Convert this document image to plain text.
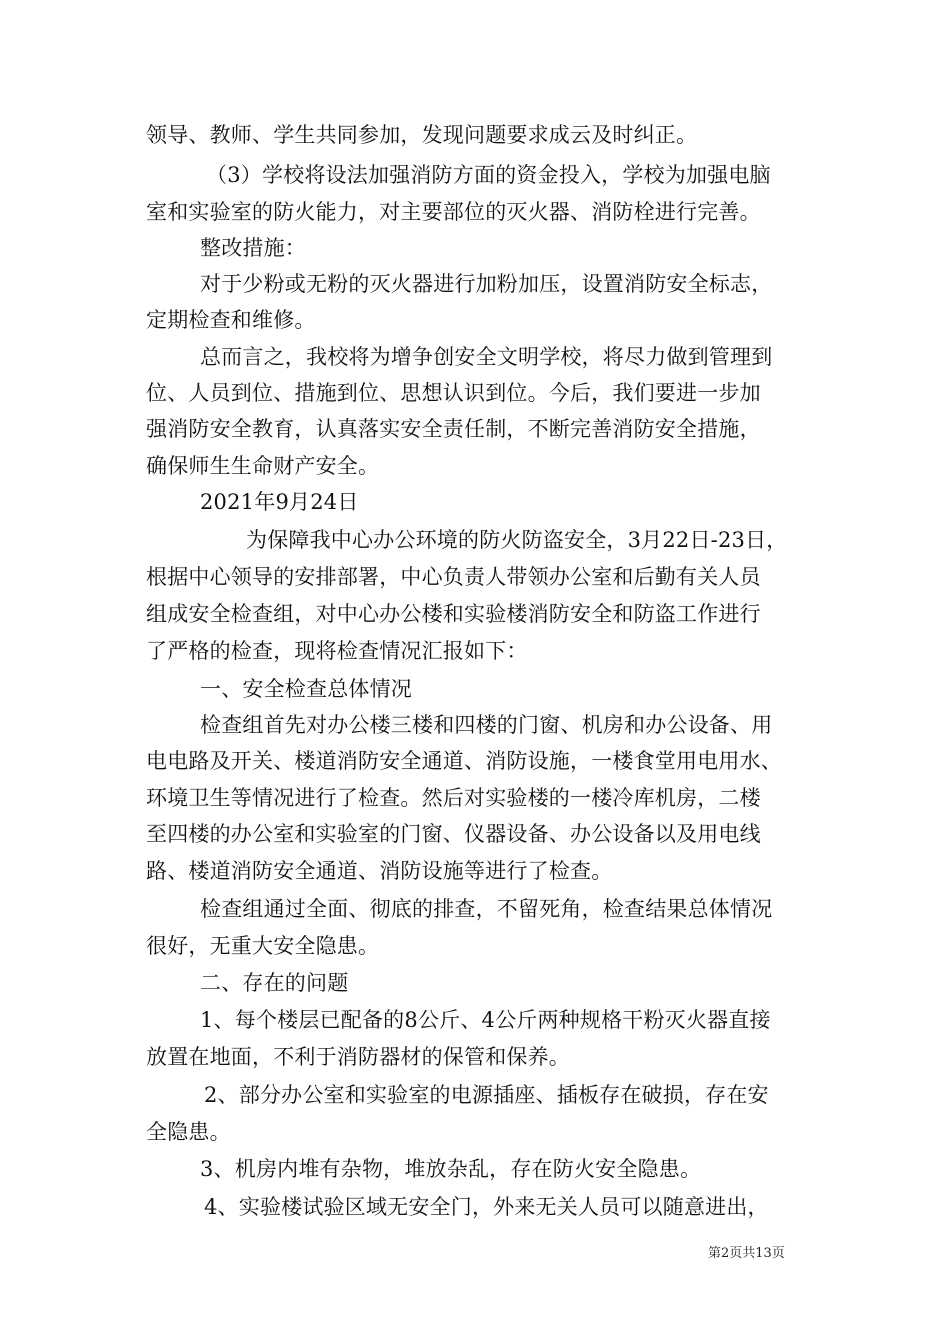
领导、教师、学生共同参加，发现问题要求成云及时纠正。
（3）学校将设法加强消防方面的资金投入，学校为加强电脑
室和实验室的防火能力，对主要部位的灭火器、消防栓进行完善。
整改措施：
对于少粉或无粉的灭火器进行加粉加压，设置消防安全标志，
定期检查和维修。
总而言之，我校将为增争创安全文明学校，将尽力做到管理到
位、人员到位、措施到位、思想认识到位。今后，我们要进一步加
强消防安全教育，认真落实安全责任制，不断完善消防安全措施，
确保师生生命财产安全。
2021年9月24日
为保障我中心办公环境的防火防盗安全，3月22日-23日，
根据中心领导的安排部署，中心负责人带领办公室和后勤有关人员
组成安全检查组，对中心办公楼和实验楼消防安全和防盗工作进行
了严格的检查，现将检查情况汇报如下：
一、安全检查总体情况
检查组首先对办公楼三楼和四楼的门窗、机房和办公设备、用
电电路及开关、楼道消防安全通道、消防设施，一楼食堂用电用水、
环境卫生等情况进行了检查。然后对实验楼的一楼冷库机房，二楼
至四楼的办公室和实验室的门窗、仪器设备、办公设备以及用电线
路、楼道消防安全通道、消防设施等进行了检查。
检查组通过全面、彻底的排查，不留死角，检查结果总体情况
很好，无重大安全隐患。
二、存在的问题
1、每个楼层已配备的8公斤、4公斤两种规格干粉灭火器直接
放置在地面，不利于消防器材的保管和保养。
2、部分办公室和实验室的电源插座、插板存在破损，存在安
全隐患。
3、机房内堆有杂物，堆放杂乱，存在防火安全隐患。
4、实验楼试验区域无安全门，外来无关人员可以随意进出，
第2页共13页
